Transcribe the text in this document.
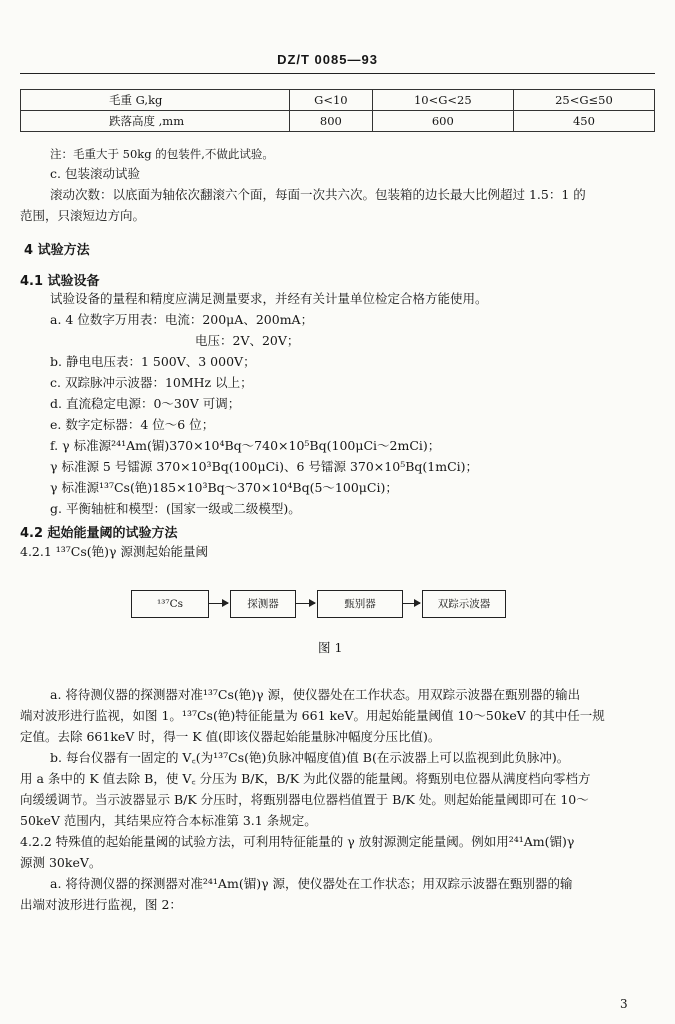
DZ/T 0085—93
毛重 G,kg	G<10	10<G<25	25<G≤50
跌落高度 ,mm	800	600	450
注：毛重大于 50kg 的包装件,不做此试验。
c. 包装滚动试验
滚动次数：以底面为轴依次翻滚六个面，每面一次共六次。包装箱的边长最大比例超过 1.5：1 的
范围，只滚短边方向。
4 试验方法
4.1 试验设备
试验设备的量程和精度应满足测量要求，并经有关计量单位检定合格方能使用。
a. 4 位数字万用表：电流：200μA、200mA；
电压：2V、20V；
b. 静电电压表：1 500V、3 000V；
c. 双踪脉冲示波器：10MHz 以上；
d. 直流稳定电源：0～30V 可调；
e. 数字定标器：4 位～6 位；
f. γ 标准源²⁴¹Am(镅)370×10⁴Bq～740×10⁵Bq(100μCi～2mCi)；
γ 标准源 5 号镭源 370×10³Bq(100μCi)、6 号镭源 370×10⁵Bq(1mCi)；
γ 标准源¹³⁷Cs(铯)185×10³Bq～370×10⁴Bq(5～100μCi)；
g. 平衡轴桩和模型：(国家一级或二级模型)。
4.2 起始能量阈的试验方法
4.2.1 ¹³⁷Cs(铯)γ 源测起始能量阈
¹³⁷Cs	探测器	甄别器	双踪示波器
图 1
a. 将待测仪器的探测器对准¹³⁷Cs(铯)γ 源，使仪器处在工作状态。用双踪示波器在甄别器的输出
端对波形进行监视，如图 1。¹³⁷Cs(铯)特征能量为 661 keV。用起始能量阈值 10～50keV 的其中任一规
定值。去除 661keV 时，得一 K 值(即该仪器起始能量脉冲幅度分压比值)。
b. 每台仪器有一固定的 V꜀(为¹³⁷Cs(铯)负脉冲幅度值)值 B(在示波器上可以监视到此负脉冲)。
用 a 条中的 K 值去除 B，使 V꜀ 分压为 B/K，B/K 为此仪器的能量阈。将甄别电位器从满度档向零档方
向缓缓调节。当示波器显示 B/K 分压时，将甄别器电位器档值置于 B/K 处。则起始能量阈即可在 10～
50keV 范围内，其结果应符合本标准第 3.1 条规定。
4.2.2 特殊值的起始能量阈的试验方法，可利用特征能量的 γ 放射源测定能量阈。例如用²⁴¹Am(镅)γ
源测 30keV。
a. 将待测仪器的探测器对准²⁴¹Am(镅)γ 源，使仪器处在工作状态；用双踪示波器在甄别器的输
出端对波形进行监视，图 2：
3
